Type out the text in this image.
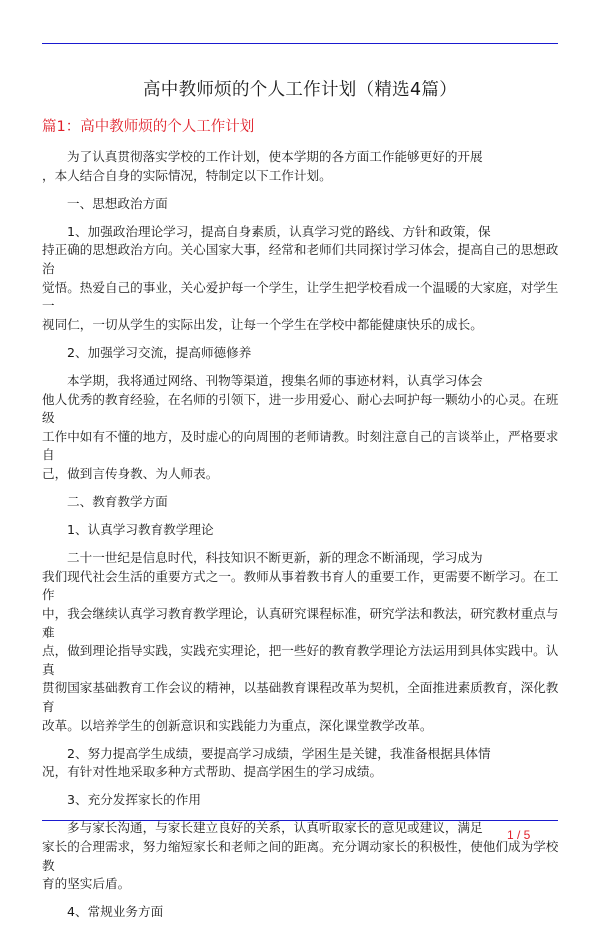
高中教师烦的个人工作计划（精选4篇）
篇1：高中教师烦的个人工作计划
为了认真贯彻落实学校的工作计划，使本学期的各方面工作能够更好的开展
，本人结合自身的实际情况，特制定以下工作计划。
一、思想政治方面
1、加强政治理论学习，提高自身素质，认真学习党的路线、方针和政策，保
持正确的思想政治方向。关心国家大事，经常和老师们共同探讨学习体会，提高自己的思想政治
觉悟。热爱自己的事业，关心爱护每一个学生，让学生把学校看成一个温暖的大家庭，对学生一
视同仁，一切从学生的实际出发，让每一个学生在学校中都能健康快乐的成长。
2、加强学习交流，提高师德修养
本学期，我将通过网络、刊物等渠道，搜集名师的事迹材料，认真学习体会
他人优秀的教育经验，在名师的引领下，进一步用爱心、耐心去呵护每一颗幼小的心灵。在班级
工作中如有不懂的地方，及时虚心的向周围的老师请教。时刻注意自己的言谈举止，严格要求自
己，做到言传身教、为人师表。
二、教育教学方面
1、认真学习教育教学理论
二十一世纪是信息时代，科技知识不断更新，新的理念不断涌现，学习成为
我们现代社会生活的重要方式之一。教师从事着教书育人的重要工作，更需要不断学习。在工作
中，我会继续认真学习教育教学理论，认真研究课程标准，研究学法和教法，研究教材重点与难
点，做到理论指导实践，实践充实理论，把一些好的教育教学理论方法运用到具体实践中。认真
贯彻国家基础教育工作会议的精神，以基础教育课程改革为契机，全面推进素质教育，深化教育
改革。以培养学生的创新意识和实践能力为重点，深化课堂教学改革。
2、努力提高学生成绩，要提高学习成绩，学困生是关键，我准备根据具体情
况，有针对性地采取多种方式帮助、提高学困生的学习成绩。
3、充分发挥家长的作用
多与家长沟通，与家长建立良好的关系，认真听取家长的意见或建议，满足
家长的合理需求，努力缩短家长和老师之间的距离。充分调动家长的积极性，使他们成为学校教
育的坚实后盾。
4、常规业务方面
1 / 5
